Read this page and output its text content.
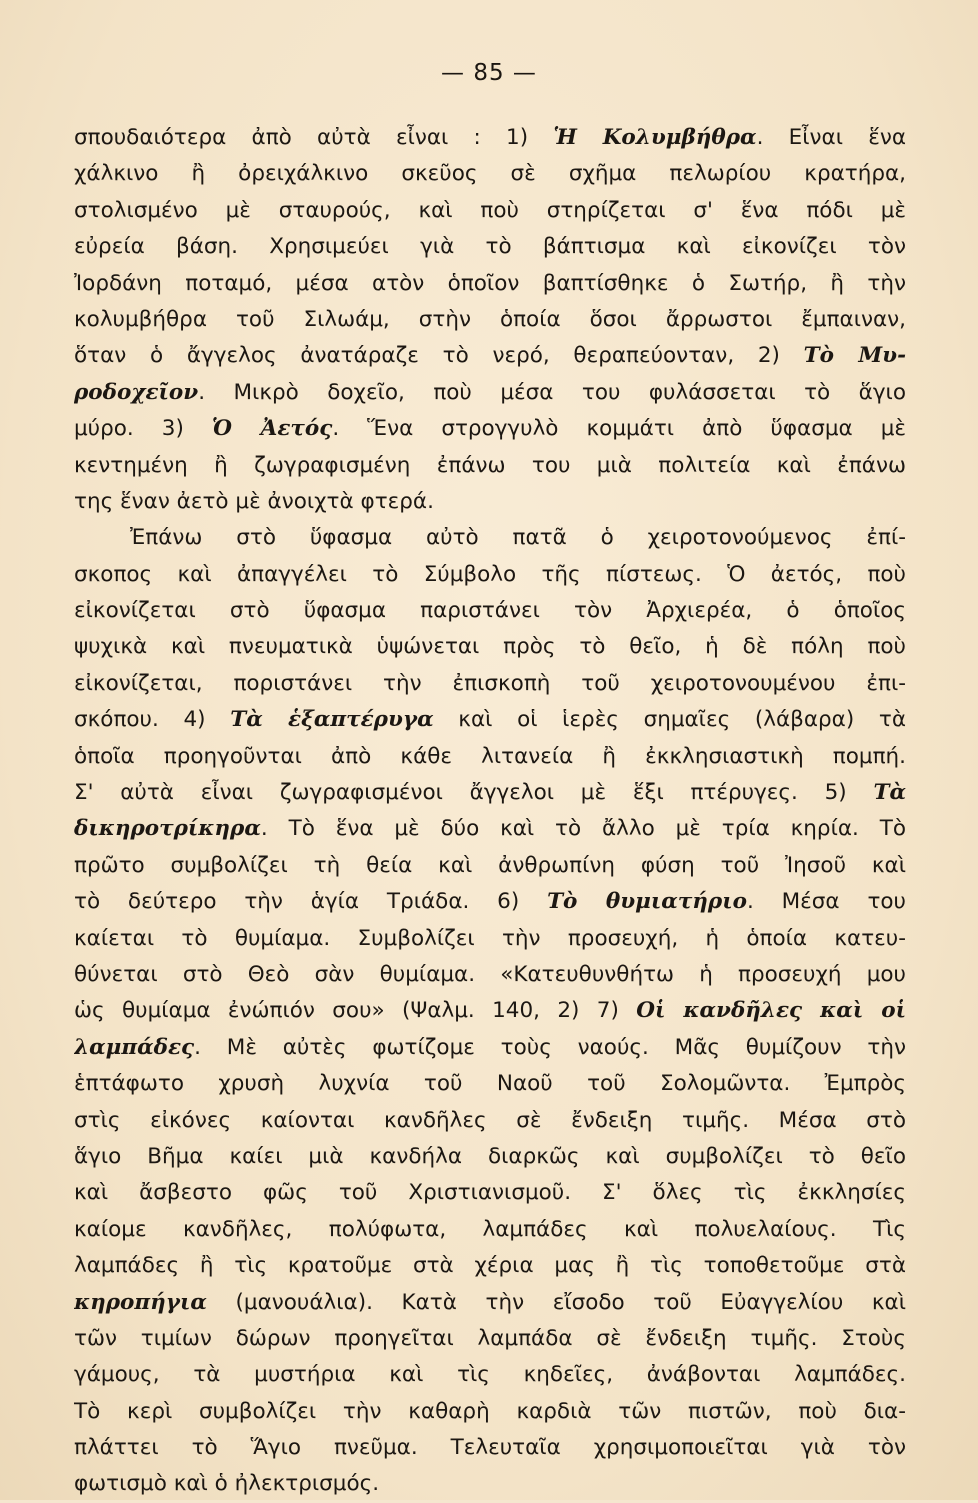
— 85 —
σπουδαιότερα ἀπὸ αὐτὰ εἶναι : 1) Ἡ Κολυμβήθρα. Εἶναι ἕνα
χάλκινο ἢ ὀρειχάλκινο σκεῦος σὲ σχῆμα πελωρίου κρατήρα,
στολισμένο μὲ σταυρούς, καὶ ποὺ στηρίζεται σ' ἕνα πόδι μὲ
εὐρεία βάση. Χρησιμεύει γιὰ τὸ βάπτισμα καὶ εἰκονίζει τὸν
Ἰορδάνη ποταμό, μέσα ατὸν ὁποῖον βαπτίσθηκε ὁ Σωτήρ, ἢ τὴν
κολυμβήθρα τοῦ Σιλωάμ, στὴν ὁποία ὅσοι ἄρρωστοι ἔμπαιναν,
ὅταν ὁ ἄγγελος ἀνατάραζε τὸ νερό, θεραπεύονταν, 2) Τὸ Μυ-
ροδοχεῖον. Μικρὸ δοχεῖο, ποὺ μέσα του φυλάσσεται τὸ ἅγιο
μύρο. 3) Ὁ Ἀετός. Ἕνα στρογγυλὸ κομμάτι ἀπὸ ὕφασμα μὲ
κεντημένη ἢ ζωγραφισμένη ἐπάνω του μιὰ πολιτεία καὶ ἐπάνω
της ἕναν ἀετὸ μὲ ἀνοιχτὰ φτερά.
Ἐπάνω στὸ ὕφασμα αὐτὸ πατᾶ ὁ χειροτονούμενος ἐπί-
σκοπος καὶ ἀπαγγέλει τὸ Σύμβολο τῆς πίστεως. Ὁ ἀετός, ποὺ
εἰκονίζεται στὸ ὕφασμα παριστάνει τὸν Ἀρχιερέα, ὁ ὁποῖος
ψυχικὰ καὶ πνευματικὰ ὑψώνεται πρὸς τὸ θεῖο, ἡ δὲ πόλη ποὺ
εἰκονίζεται, πoριστάνει τὴν ἐπισκοπὴ τοῦ χειροτονουμένου ἐπι-
σκόπου. 4) Τὰ ἑξαπτέρυγα καὶ οἱ ἱερὲς σημαῖες (λάβαρα) τὰ
ὁποῖα προηγοῦνται ἀπὸ κάθε λιτανεία ἢ ἐκκλησιαστικὴ πομπή.
Σ' αὐτὰ εἶναι ζωγραφισμένοι ἄγγελοι μὲ ἕξι πτέρυγες. 5) Τὰ
δικηροτρίκηρα. Τὸ ἕνα μὲ δύο καὶ τὸ ἄλλο μὲ τρία κηρία. Τὸ
πρῶτο συμβολίζει τὴ θεία καὶ ἀνθρωπίνη φύση τοῦ Ἰησοῦ καὶ
τὸ δεύτερο τὴν ἁγία Τριάδα. 6) Τὸ θυμιατήριο. Μέσα του
καίεται τὸ θυμίαμα. Συμβολίζει τὴν προσευχή, ἡ ὁποία κατευ-
θύνεται στὸ Θεὸ σὰν θυμίαμα. «Κατευθυνθήτω ἡ προσευχή μου
ὡς θυμίαμα ἐνώπιόν σου» (Ψαλμ. 140, 2) 7) Οἱ κανδῆλες καὶ οἱ
λαμπάδες. Μὲ αὐτὲς φωτίζομε τοὺς ναούς. Μᾶς θυμίζουν τὴν
ἑπτάφωτο χρυσὴ λυχνία τοῦ Ναοῦ τοῦ Σολομῶντα. Ἐμπρὸς
στὶς εἰκόνες καίονται κανδῆλες σὲ ἔνδειξη τιμῆς. Μέσα στὸ
ἅγιο Βῆμα καίει μιὰ κανδήλα διαρκῶς καὶ συμβολίζει τὸ θεῖο
καὶ ἄσβεστο φῶς τοῦ Χριστιανισμοῦ. Σ' ὅλες τὶς ἐκκλησίες
καίομε κανδῆλες, πολύφωτα, λαμπάδες καὶ πολυελαίους. Τὶς
λαμπάδες ἢ τὶς κρατοῦμε στὰ χέρια μας ἢ τὶς τοποθετοῦμε στὰ
κηροπήγια (μανουάλια). Κατὰ τὴν εἴσοδο τοῦ Εὐαγγελίου καὶ
τῶν τιμίων δώρων προηγεῖται λαμπάδα σὲ ἔνδειξη τιμῆς. Στοὺς
γάμους, τὰ μυστήρια καὶ τὶς κηδεῖες, ἀνάβονται λαμπάδες.
Τὸ κερὶ συμβολίζει τὴν καθαρὴ καρδιὰ τῶν πιστῶν, ποὺ δια-
πλάττει τὸ Ἅγιο πνεῦμα. Τελευταῖα χρησιμοποιεῖται γιὰ τὸν
φωτισμὸ καὶ ὁ ἠλεκτρισμός.
